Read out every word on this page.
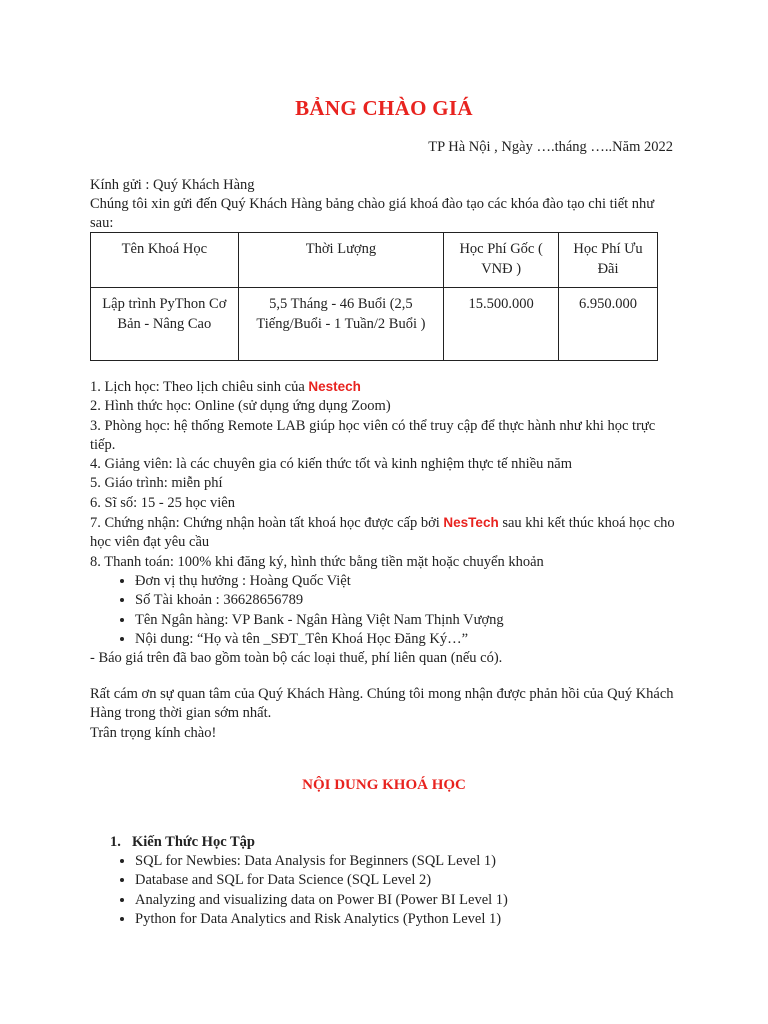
BẢNG CHÀO GIÁ
TP Hà Nội , Ngày ….tháng …..Năm 2022
Kính gửi : Quý Khách Hàng
Chúng tôi xin gửi đến Quý Khách Hàng bảng chào giá khoá đào tạo các khóa đào tạo chi tiết như sau:
Tên Khoá Học	Thời Lượng	Học Phí Gốc ( VNĐ )	Học Phí Ưu Đãi
Lập trình PyThon Cơ Bản - Nâng Cao	5,5 Tháng - 46 Buổi (2,5 Tiếng/Buổi - 1 Tuần/2 Buổi )	15.500.000	6.950.000

1. Lịch học: Theo lịch chiêu sinh của Nestech

2. Hình thức học: Online (sử dụng ứng dụng Zoom)

3. Phòng học: hệ thống Remote LAB giúp học viên có thể truy cập để thực hành như khi học trực tiếp.

4. Giảng viên: là các chuyên gia có kiến thức tốt và kinh nghiệm thực tế nhiều năm

5. Giáo trình: miễn phí

6. Sĩ số: 15 - 25 học viên

7. Chứng nhận: Chứng nhận hoàn tất khoá học được cấp bởi NesTech sau khi kết thúc khoá học cho học viên đạt yêu cầu

8. Thanh toán: 100% khi đăng ký, hình thức bằng tiền mặt hoặc chuyển khoản

• Đơn vị thụ hưởng : Hoàng Quốc Việt
• Số Tài khoản : 36628656789
• Tên Ngân hàng: VP Bank - Ngân Hàng Việt Nam Thịnh Vượng
• Nội dung: “Họ và tên _SĐT_Tên Khoá Học Đăng Ký…”

- Báo giá trên đã bao gồm toàn bộ các loại thuế, phí liên quan (nếu có).

Rất cám ơn sự quan tâm của Quý Khách Hàng. Chúng tôi mong nhận được phản hồi của Quý Khách Hàng trong thời gian sớm nhất.

Trân trọng kính chào!

NỘI DUNG KHOÁ HỌC
1. Kiến Thức Học Tập
• SQL for Newbies: Data Analysis for Beginners (SQL Level 1)
• Database and SQL for Data Science (SQL Level 2)
• Analyzing and visualizing data on Power BI (Power BI Level 1)
• Python for Data Analytics and Risk Analytics (Python Level 1)
